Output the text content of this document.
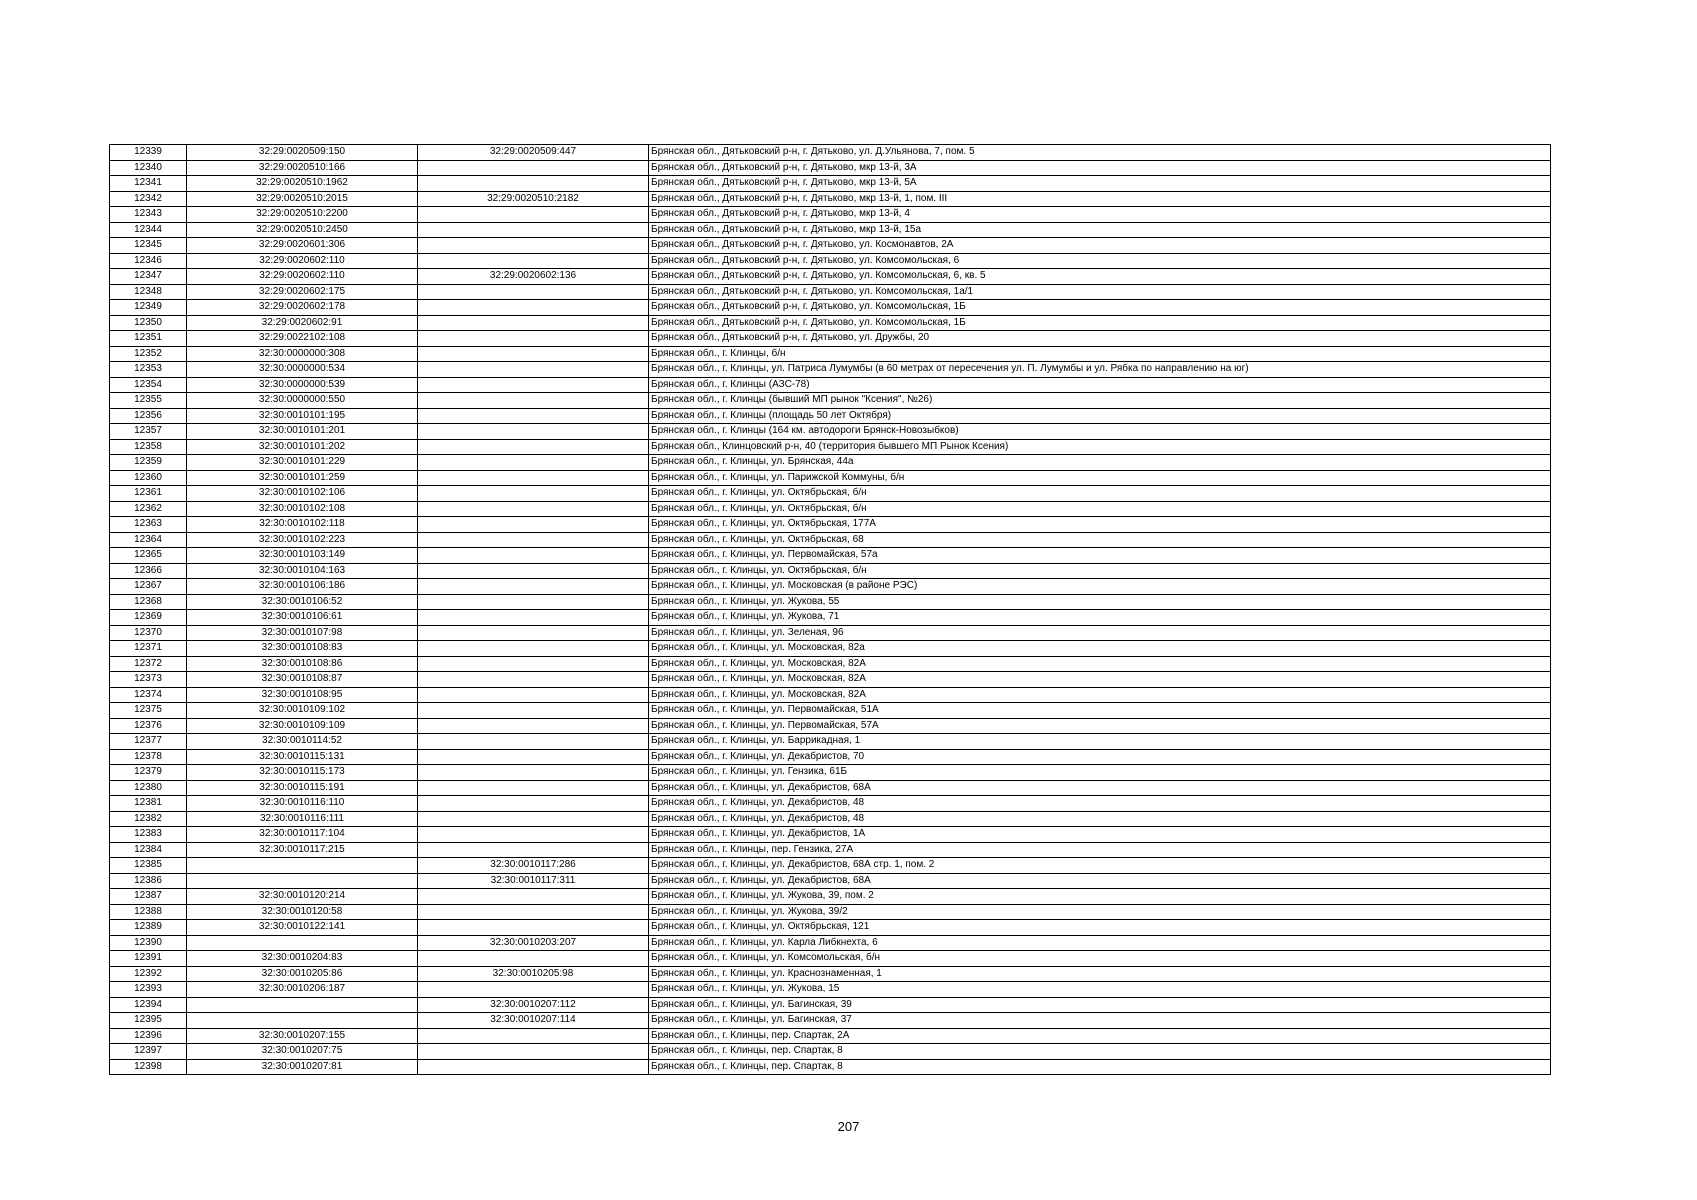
12339	32:29:0020509:150	32:29:0020509:447	Брянская обл., Дятьковский р-н, г. Дятьково, ул. Д.Ульянова, 7, пом. 5
12340	32:29:0020510:166		Брянская обл., Дятьковский р-н, г. Дятьково, мкр 13-й, 3А
12341	32:29:0020510:1962		Брянская обл., Дятьковский р-н, г. Дятьково, мкр 13-й, 5А
12342	32:29:0020510:2015	32:29:0020510:2182	Брянская обл., Дятьковский р-н, г. Дятьково, мкр 13-й, 1, пом. III
12343	32:29:0020510:2200		Брянская обл., Дятьковский р-н, г. Дятьково, мкр 13-й, 4
12344	32:29:0020510:2450		Брянская обл., Дятьковский р-н, г. Дятьково, мкр 13-й, 15а
12345	32:29:0020601:306		Брянская обл., Дятьковский р-н, г. Дятьково, ул. Космонавтов, 2А
12346	32:29:0020602:110		Брянская обл., Дятьковский р-н, г. Дятьково, ул. Комсомольская, 6
12347	32:29:0020602:110	32:29:0020602:136	Брянская обл., Дятьковский р-н, г. Дятьково, ул. Комсомольская, 6, кв. 5
12348	32:29:0020602:175		Брянская обл., Дятьковский р-н, г. Дятьково, ул. Комсомольская, 1а/1
12349	32:29:0020602:178		Брянская обл., Дятьковский р-н, г. Дятьково, ул. Комсомольская, 1Б
12350	32:29:0020602:91		Брянская обл., Дятьковский р-н, г. Дятьково, ул. Комсомольская, 1Б
12351	32:29:0022102:108		Брянская обл., Дятьковский р-н, г. Дятьково, ул. Дружбы, 20
12352	32:30:0000000:308		Брянская обл., г. Клинцы, б/н
12353	32:30:0000000:534		Брянская обл., г. Клинцы, ул. Патриса Лумумбы (в 60 метрах от пересечения ул. П. Лумумбы и ул. Рябка по направлению на юг)
12354	32:30:0000000:539		Брянская обл., г. Клинцы (АЗС-78)
12355	32:30:0000000:550		Брянская обл., г. Клинцы (бывший МП рынок "Ксения", №26)
12356	32:30:0010101:195		Брянская обл., г. Клинцы (площадь 50 лет Октября)
12357	32:30:0010101:201		Брянская обл., г. Клинцы (164 км. автодороги Брянск-Новозыбков)
12358	32:30:0010101:202		Брянская обл., Клинцовский р-н, 40 (территория бывшего МП Рынок Ксения)
12359	32:30:0010101:229		Брянская обл., г. Клинцы, ул. Брянская, 44а
12360	32:30:0010101:259		Брянская обл., г. Клинцы, ул. Парижской Коммуны, б/н
12361	32:30:0010102:106		Брянская обл., г. Клинцы, ул. Октябрьская, б/н
12362	32:30:0010102:108		Брянская обл., г. Клинцы, ул. Октябрьская, б/н
12363	32:30:0010102:118		Брянская обл., г. Клинцы, ул. Октябрьская, 177А
12364	32:30:0010102:223		Брянская обл., г. Клинцы, ул. Октябрьская, 68
12365	32:30:0010103:149		Брянская обл., г. Клинцы, ул. Первомайская, 57а
12366	32:30:0010104:163		Брянская обл., г. Клинцы, ул. Октябрьская, б/н
12367	32:30:0010106:186		Брянская обл., г. Клинцы, ул. Московская (в районе РЭС)
12368	32:30:0010106:52		Брянская обл., г. Клинцы, ул. Жукова, 55
12369	32:30:0010106:61		Брянская обл., г. Клинцы, ул. Жукова, 71
12370	32:30:0010107:98		Брянская обл., г. Клинцы, ул. Зеленая, 96
12371	32:30:0010108:83		Брянская обл., г. Клинцы, ул. Московская, 82а
12372	32:30:0010108:86		Брянская обл., г. Клинцы, ул. Московская, 82А
12373	32:30:0010108:87		Брянская обл., г. Клинцы, ул. Московская, 82А
12374	32:30:0010108:95		Брянская обл., г. Клинцы, ул. Московская, 82А
12375	32:30:0010109:102		Брянская обл., г. Клинцы, ул. Первомайская, 51А
12376	32:30:0010109:109		Брянская обл., г. Клинцы, ул. Первомайская, 57А
12377	32:30:0010114:52		Брянская обл., г. Клинцы, ул. Баррикадная, 1
12378	32:30:0010115:131		Брянская обл., г. Клинцы, ул. Декабристов, 70
12379	32:30:0010115:173		Брянская обл., г. Клинцы, ул. Гензика, 61Б
12380	32:30:0010115:191		Брянская обл., г. Клинцы, ул. Декабристов, 68А
12381	32:30:0010116:110		Брянская обл., г. Клинцы, ул. Декабристов, 48
12382	32:30:0010116:111		Брянская обл., г. Клинцы, ул. Декабристов, 48
12383	32:30:0010117:104		Брянская обл., г. Клинцы, ул. Декабристов, 1А
12384	32:30:0010117:215		Брянская обл., г. Клинцы, пер. Гензика, 27А
12385		32:30:0010117:286	Брянская обл., г. Клинцы, ул. Декабристов, 68А стр. 1, пом. 2
12386		32:30:0010117:311	Брянская обл., г. Клинцы, ул. Декабристов, 68А
12387	32:30:0010120:214		Брянская обл., г. Клинцы, ул. Жукова, 39, пом. 2
12388	32:30:0010120:58		Брянская обл., г. Клинцы, ул. Жукова, 39/2
12389	32:30:0010122:141		Брянская обл., г. Клинцы, ул. Октябрьская, 121
12390		32:30:0010203:207	Брянская обл., г. Клинцы, ул. Карла Либкнехта, 6
12391	32:30:0010204:83		Брянская обл., г. Клинцы, ул. Комсомольская, б/н
12392	32:30:0010205:86	32:30:0010205:98	Брянская обл., г. Клинцы, ул. Краснознаменная, 1
12393	32:30:0010206:187		Брянская обл., г. Клинцы, ул. Жукова, 15
12394		32:30:0010207:112	Брянская обл., г. Клинцы, ул. Багинская, 39
12395		32:30:0010207:114	Брянская обл., г. Клинцы, ул. Багинская, 37
12396	32:30:0010207:155		Брянская обл., г. Клинцы, пер. Спартак, 2А
12397	32:30:0010207:75		Брянская обл., г. Клинцы, пер. Спартак, 8
12398	32:30:0010207:81		Брянская обл., г. Клинцы, пер. Спартак, 8
207
